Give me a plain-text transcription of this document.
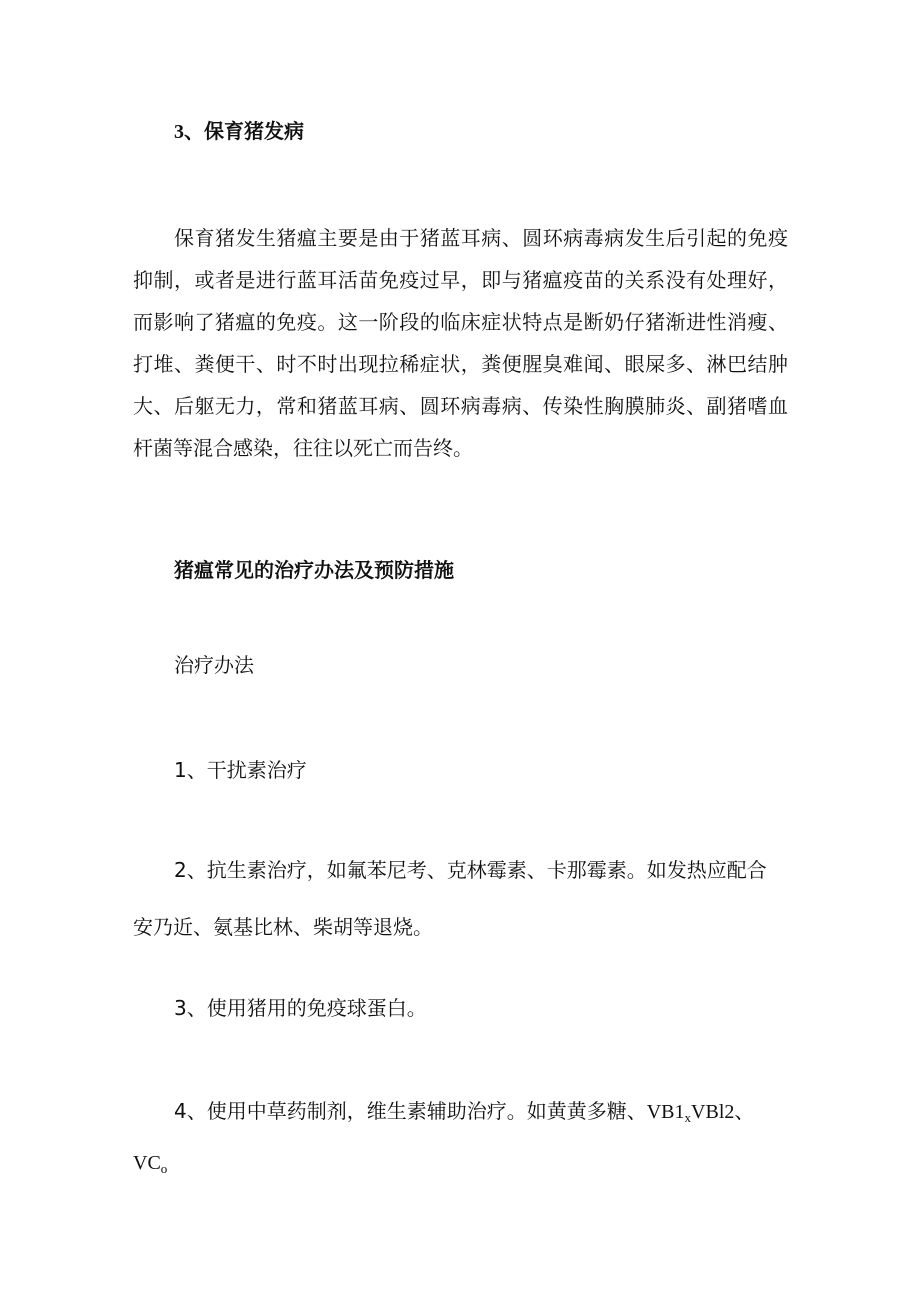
3、保育猪发病

保育猪发生猪瘟主要是由于猪蓝耳病、圆环病毒病发生后引起的免疫抑制，或者是进行蓝耳活苗免疫过早，即与猪瘟疫苗的关系没有处理好，而影响了猪瘟的免疫。这一阶段的临床症状特点是断奶仔猪渐进性消瘦、打堆、粪便干、时不时出现拉稀症状，粪便腥臭难闻、眼屎多、淋巴结肿大、后躯无力，常和猪蓝耳病、圆环病毒病、传染性胸膜肺炎、副猪嗜血杆菌等混合感染，往往以死亡而告终。

猪瘟常见的治疗办法及预防措施
治疗办法
1、干扰素治疗
2、抗生素治疗，如氟苯尼考、克林霉素、卡那霉素。如发热应配合
安乃近、氨基比林、柴胡等退烧。
3、使用猪用的免疫球蛋白。
4、使用中草药制剂，维生素辅助治疗。如黄黄多糖、$VB1_xVBl2$、
$VC_o$
